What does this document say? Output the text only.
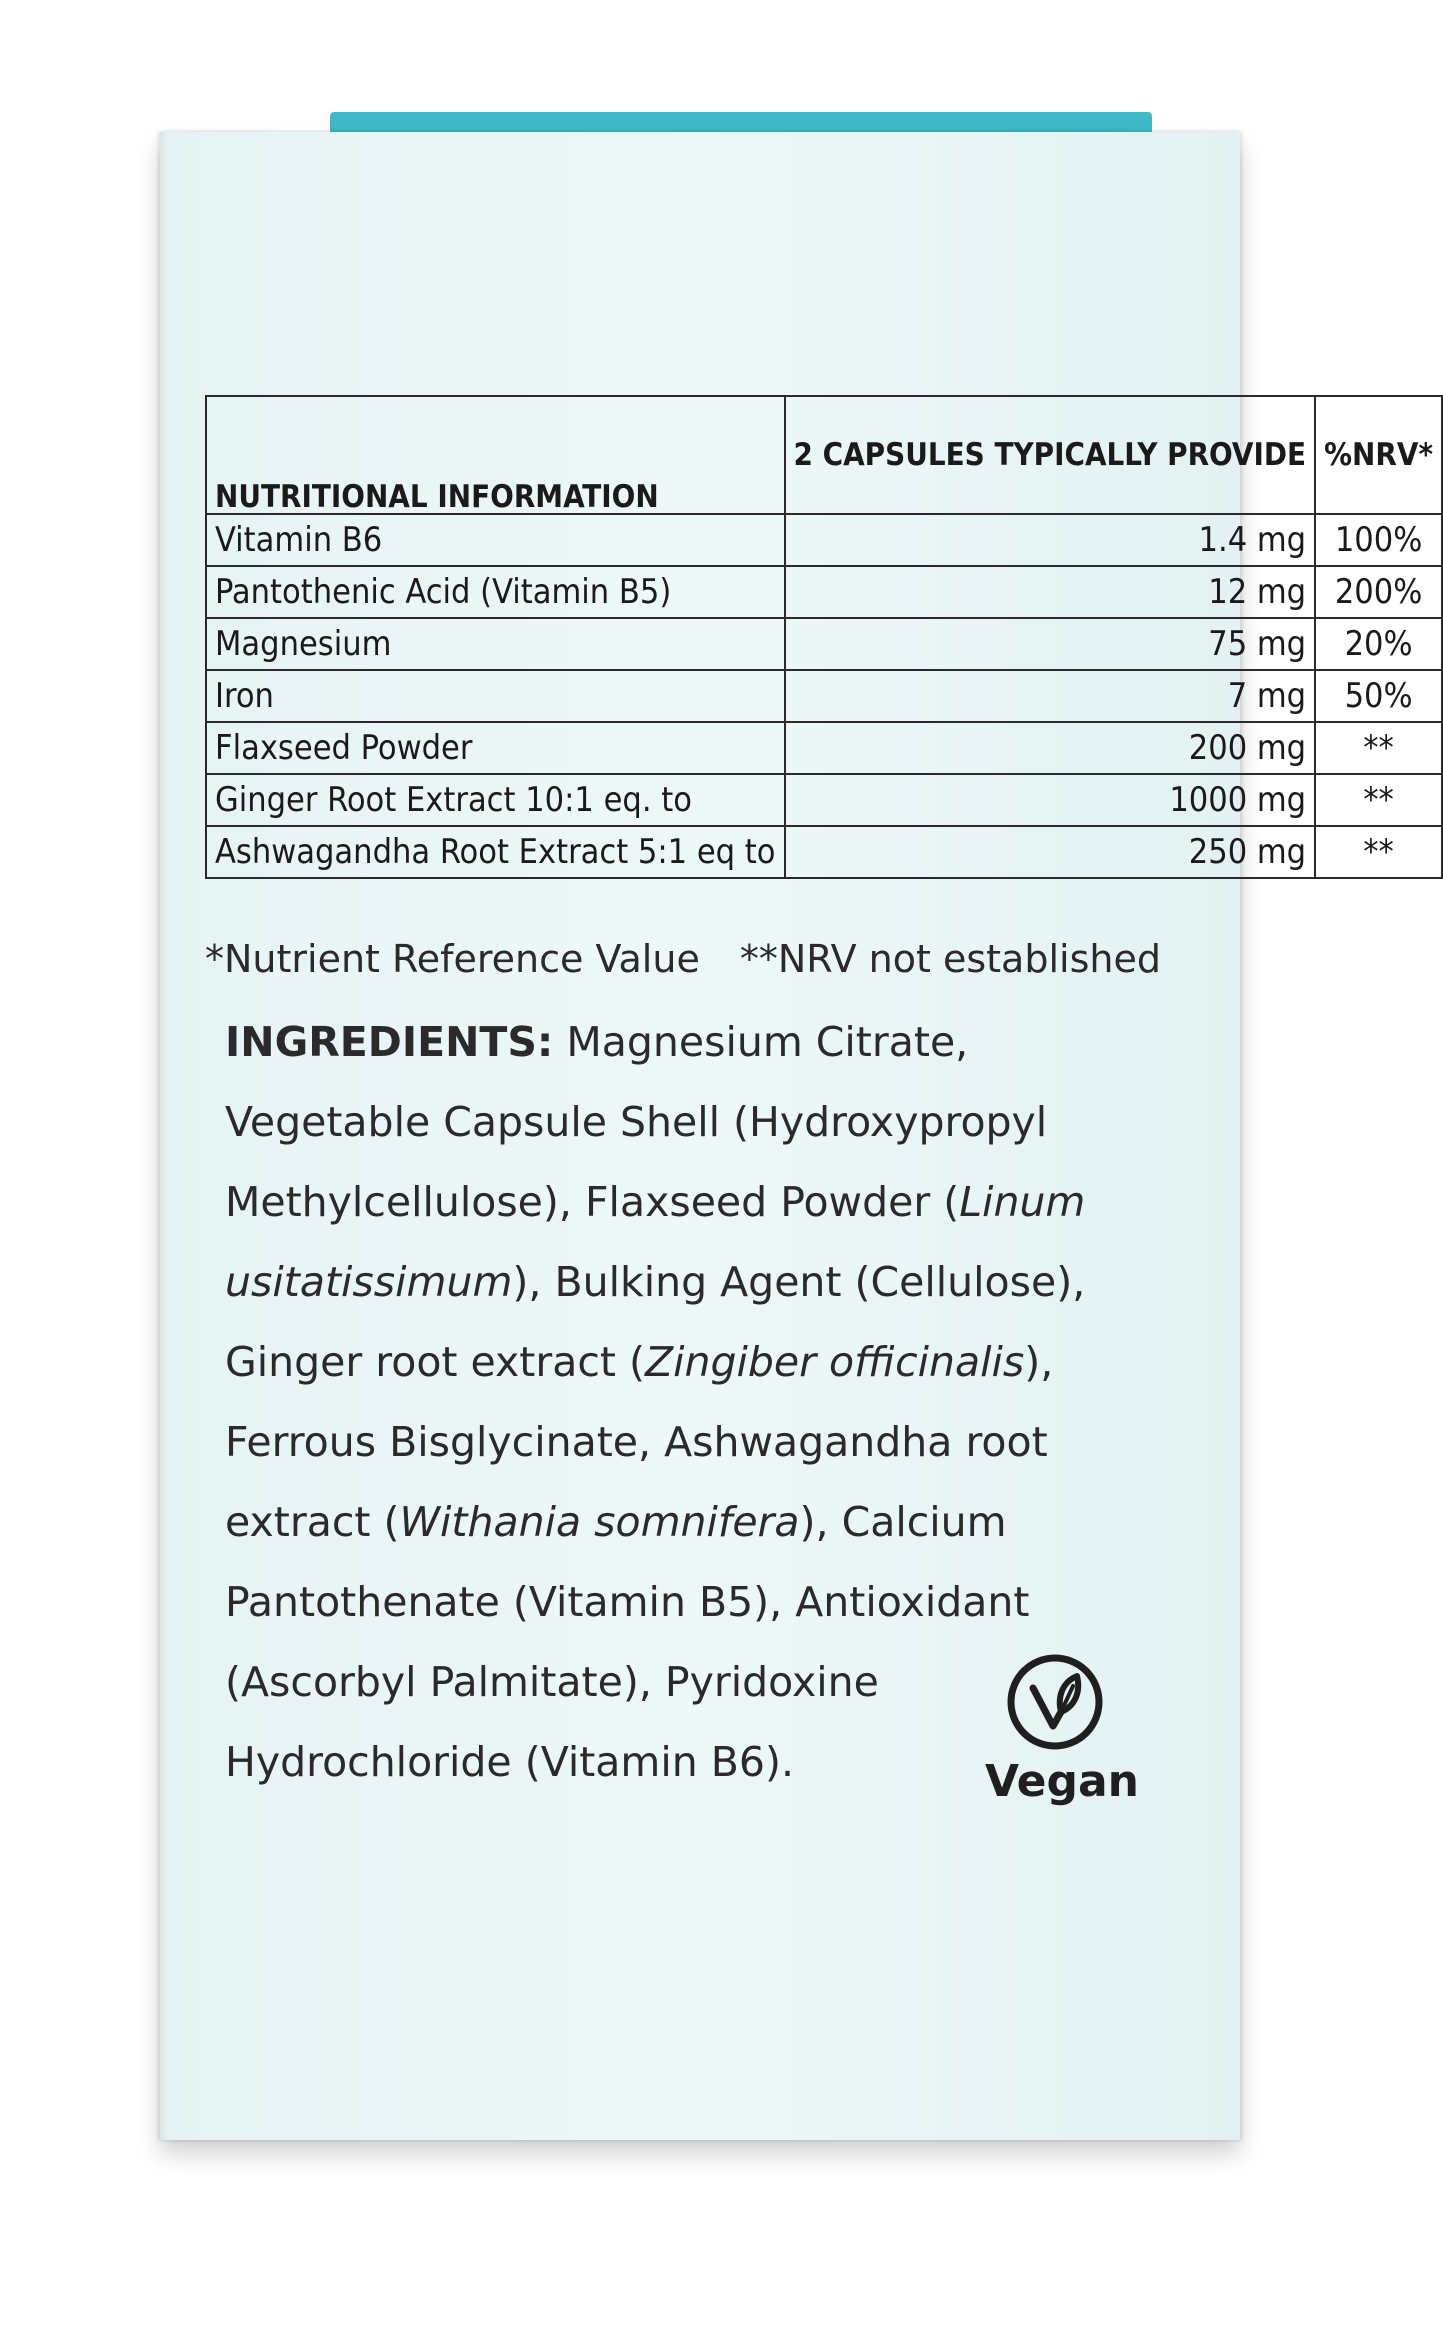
NUTRITIONAL INFORMATION	2 CAPSULES TYPICALLY PROVIDE	%NRV*
Vitamin B6	1.4 mg	100%
Pantothenic Acid (Vitamin B5)	12 mg	200%
Magnesium	75 mg	20%
Iron	7 mg	50%
Flaxseed Powder	200 mg	**
Ginger Root Extract 10:1 eq. to	1000 mg	**
Ashwagandha Root Extract 5:1 eq to	250 mg	**
*Nutrient Reference Value **NRV not established

INGREDIENTS: Magnesium Citrate, Vegetable Capsule Shell (Hydroxypropyl Methylcellulose), Flaxseed Powder (Linum usitatissimum), Bulking Agent (Cellulose), Ginger root extract (Zingiber officinalis), Ferrous Bisglycinate, Ashwagandha root extract (Withania somnifera), Calcium Pantothenate (Vitamin B5), Antioxidant (Ascorbyl Palmitate), Pyridoxine Hydrochloride (Vitamin B6).	Vegan
